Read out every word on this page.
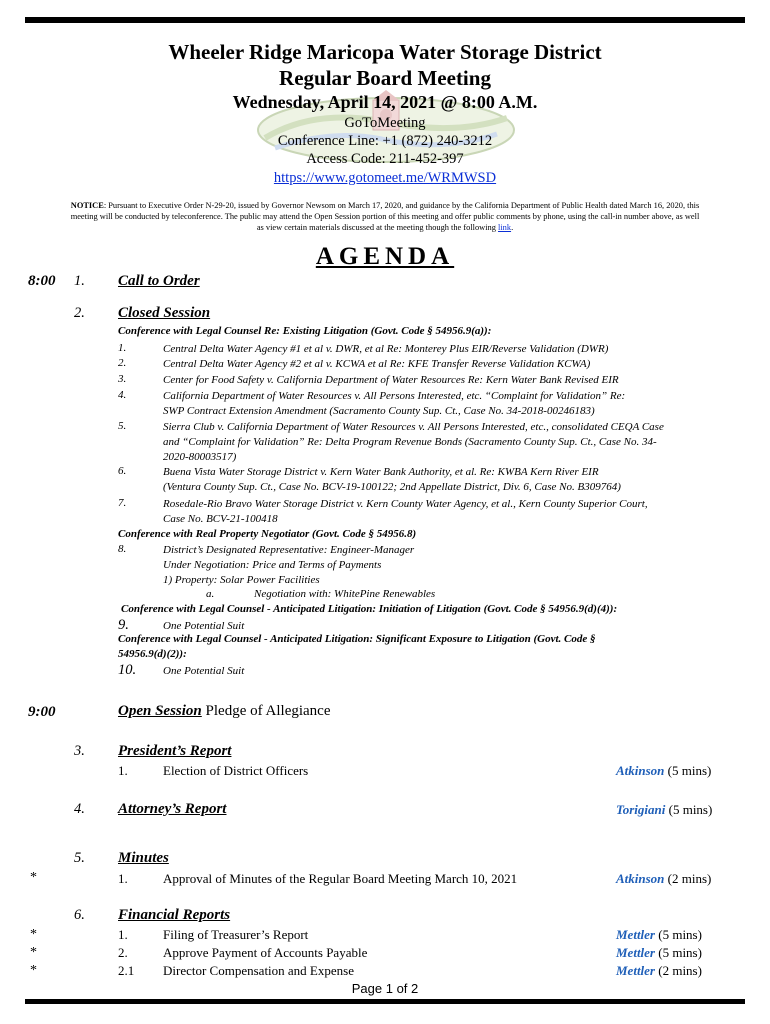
Wheeler Ridge Maricopa Water Storage District
Regular Board Meeting
Wednesday, April 14, 2021 @ 8:00 A.M.
GoToMeeting
Conference Line: +1 (872) 240-3212
Access Code: 211-452-397
https://www.gotomeet.me/WRMWSD
NOTICE: Pursuant to Executive Order N-29-20, issued by Governor Newsom on March 17, 2020, and guidance by the California Department of Public Health dated March 16, 2020, this meeting will be conducted by teleconference. The public may attend the Open Session portion of this meeting and offer public comments by phone, using the call-in number above, as well as view certain materials discussed at the meeting though the following link.
AGENDA
8:00 1. Call to Order
2. Closed Session
Conference with Legal Counsel Re: Existing Litigation (Govt. Code § 54956.9(a)):
1.	Central Delta Water Agency #1 et al v. DWR, et al Re: Monterey Plus EIR/Reverse Validation (DWR)
2.	Central Delta Water Agency #2 et al v. KCWA et al Re: KFE Transfer Reverse Validation KCWA)
3.	Center for Food Safety v. California Department of Water Resources Re: Kern Water Bank Revised EIR
4.	California Department of Water Resources v. All Persons Interested, etc. “Complaint for Validation” Re:
SWP Contract Extension Amendment (Sacramento County Sup. Ct., Case No. 34-2018-00246183)
5.	Sierra Club v. California Department of Water Resources v. All Persons Interested, etc., consolidated CEQA Case
and “Complaint for Validation” Re: Delta Program Revenue Bonds (Sacramento County Sup. Ct., Case No. 34-
2020-80003517)
6.	Buena Vista Water Storage District v. Kern Water Bank Authority, et al. Re: KWBA Kern River EIR
(Ventura County Sup. Ct., Case No. BCV-19-100122; 2nd Appellate District, Div. 6, Case No. B309764)
7.	Rosedale-Rio Bravo Water Storage District v. Kern County Water Agency, et al., Kern County Superior Court,
Case No. BCV-21-100418
Conference with Real Property Negotiator (Govt. Code § 54956.8)
8.	District’s Designated Representative: Engineer-Manager
Under Negotiation: Price and Terms of Payments
1) Property: Solar Power Facilities
a.	Negotiation with: WhitePine Renewables
Conference with Legal Counsel - Anticipated Litigation: Initiation of Litigation (Govt. Code § 54956.9(d)(4)):
9.	One Potential Suit
Conference with Legal Counsel - Anticipated Litigation: Significant Exposure to Litigation (Govt. Code §
54956.9(d)(2)):
10. One Potential Suit
9:00	Open Session Pledge of Allegiance
3. President’s Report
1.	Election of District Officers	Atkinson (5 mins)
4. Attorney’s Report	Torigiani (5 mins)
5. Minutes
*	1.	Approval of Minutes of the Regular Board Meeting March 10, 2021	Atkinson (2 mins)
6. Financial Reports
*	1.	Filing of Treasurer’s Report	Mettler (5 mins)
*	2.	Approve Payment of Accounts Payable	Mettler (5 mins)
*	2.1 Director Compensation and Expense	Mettler (2 mins)
Page 1 of 2
